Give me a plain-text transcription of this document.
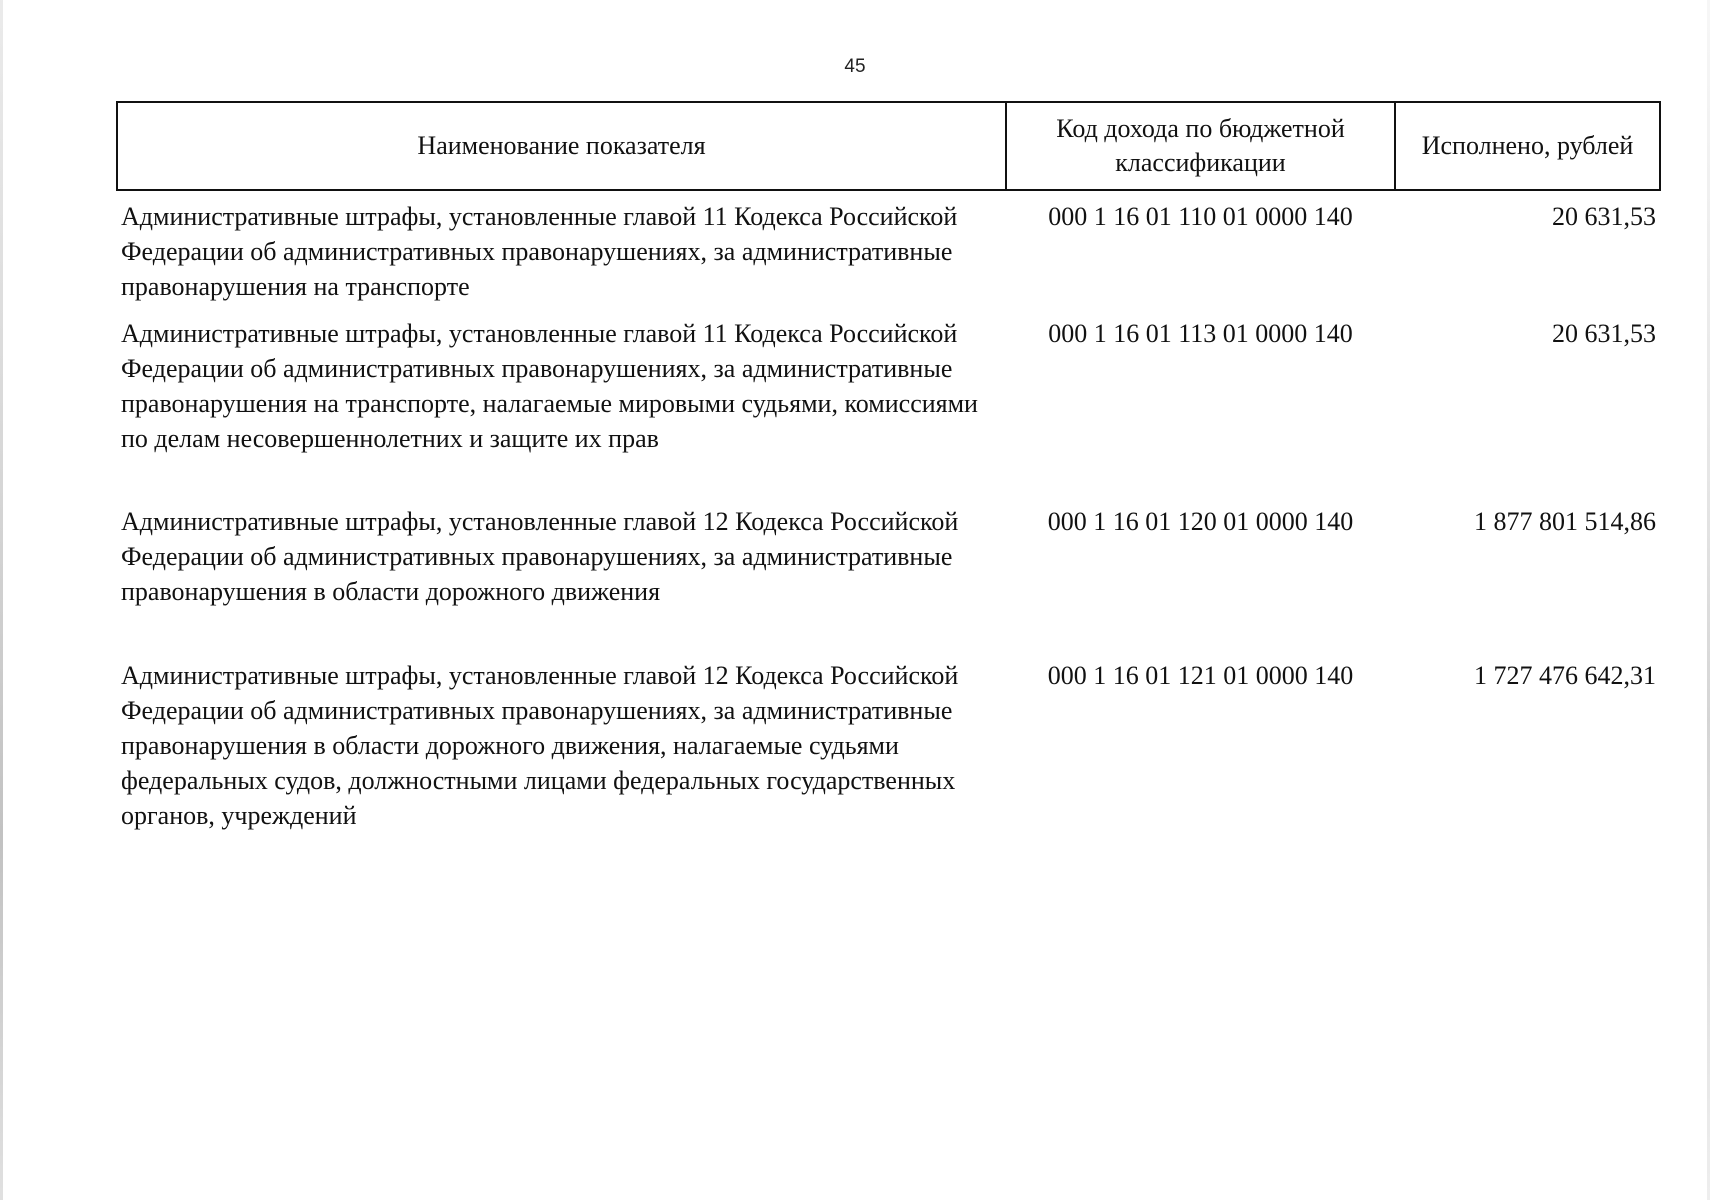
45
Наименование показателя	Код дохода по бюджетной классификации	Исполнено, рублей
Административные штрафы, установленные главой 11 Кодекса Российской Федерации об административных правонарушениях, за административные правонарушения на транспорте	000 1 16 01 110 01 0000 140	20 631,53
Административные штрафы, установленные главой 11 Кодекса Российской Федерации об административных правонарушениях, за административные правонарушения на транспорте, налагаемые мировыми судьями, комиссиями по делам несовершеннолетних и защите их прав	000 1 16 01 113 01 0000 140	20 631,53
Административные штрафы, установленные главой 12 Кодекса Российской Федерации об административных правонарушениях, за административные правонарушения в области дорожного движения	000 1 16 01 120 01 0000 140	1 877 801 514,86
Административные штрафы, установленные главой 12 Кодекса Российской Федерации об административных правонарушениях, за административные правонарушения в области дорожного движения, налагаемые судьями федеральных судов, должностными лицами федеральных государственных органов, учреждений	000 1 16 01 121 01 0000 140	1 727 476 642,31
